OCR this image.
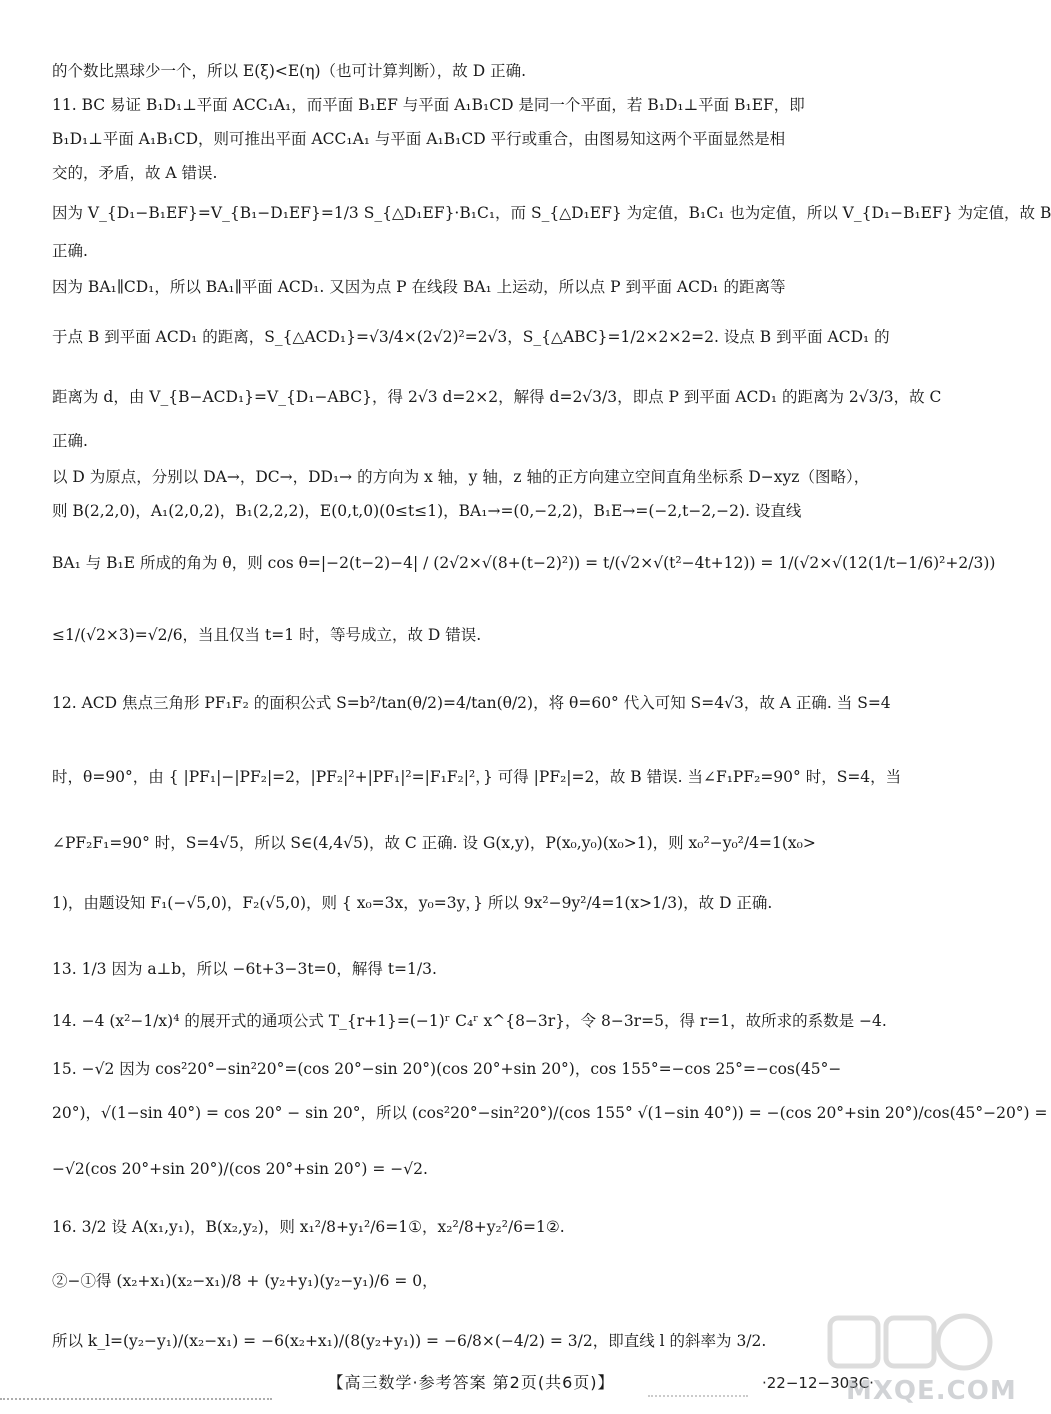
的个数比黑球少一个，所以 E(ξ)<E(η)（也可计算判断），故 D 正确.
11. BC 易证 B₁D₁⊥平面 ACC₁A₁，而平面 B₁EF 与平面 A₁B₁CD 是同一个平面，若 B₁D₁⊥平面 B₁EF，即
B₁D₁⊥平面 A₁B₁CD，则可推出平面 ACC₁A₁ 与平面 A₁B₁CD 平行或重合，由图易知这两个平面显然是相
交的，矛盾，故 A 错误.
因为 V_{D₁−B₁EF}=V_{B₁−D₁EF}=1/3 S_{△D₁EF}·B₁C₁，而 S_{△D₁EF} 为定值，B₁C₁ 也为定值，所以 V_{D₁−B₁EF} 为定值，故 B
正确.
因为 BA₁∥CD₁，所以 BA₁∥平面 ACD₁. 又因为点 P 在线段 BA₁ 上运动，所以点 P 到平面 ACD₁ 的距离等
于点 B 到平面 ACD₁ 的距离，S_{△ACD₁}=√3/4×(2√2)²=2√3，S_{△ABC}=1/2×2×2=2. 设点 B 到平面 ACD₁ 的
距离为 d，由 V_{B−ACD₁}=V_{D₁−ABC}，得 2√3 d=2×2，解得 d=2√3/3，即点 P 到平面 ACD₁ 的距离为 2√3/3，故 C
正确.
以 D 为原点，分别以 DA→，DC→，DD₁→ 的方向为 x 轴，y 轴，z 轴的正方向建立空间直角坐标系 D−xyz（图略），
则 B(2,2,0)，A₁(2,0,2)，B₁(2,2,2)，E(0,t,0)(0≤t≤1)，BA₁→=(0,−2,2)，B₁E→=(−2,t−2,−2). 设直线
BA₁ 与 B₁E 所成的角为 θ，则 cos θ=|−2(t−2)−4| / (2√2×√(8+(t−2)²)) = t/(√2×√(t²−4t+12)) = 1/(√2×√(12(1/t−1/6)²+2/3))
≤1/(√2×3)=√2/6，当且仅当 t=1 时，等号成立，故 D 错误.
12. ACD 焦点三角形 PF₁F₂ 的面积公式 S=b²/tan(θ/2)=4/tan(θ/2)，将 θ=60° 代入可知 S=4√3，故 A 正确. 当 S=4
时，θ=90°，由 { |PF₁|−|PF₂|=2，|PF₂|²+|PF₁|²=|F₁F₂|²，} 可得 |PF₂|=2，故 B 错误. 当∠F₁PF₂=90° 时，S=4，当
∠PF₂F₁=90° 时，S=4√5，所以 S∈(4,4√5)，故 C 正确. 设 G(x,y)，P(x₀,y₀)(x₀>1)，则 x₀²−y₀²/4=1(x₀>
1)，由题设知 F₁(−√5,0)，F₂(√5,0)，则 { x₀=3x，y₀=3y，} 所以 9x²−9y²/4=1(x>1/3)，故 D 正确.
13. 1/3 因为 a⊥b，所以 −6t+3−3t=0，解得 t=1/3.
14. −4 (x²−1/x)⁴ 的展开式的通项公式 T_{r+1}=(−1)ʳ C₄ʳ x^{8−3r}，令 8−3r=5，得 r=1，故所求的系数是 −4.
15. −√2 因为 cos²20°−sin²20°=(cos 20°−sin 20°)(cos 20°+sin 20°)，cos 155°=−cos 25°=−cos(45°−
20°)，√(1−sin 40°) = cos 20° − sin 20°，所以 (cos²20°−sin²20°)/(cos 155° √(1−sin 40°)) = −(cos 20°+sin 20°)/cos(45°−20°) =
−√2(cos 20°+sin 20°)/(cos 20°+sin 20°) = −√2.
16. 3/2 设 A(x₁,y₁)，B(x₂,y₂)，则 x₁²/8+y₁²/6=1①，x₂²/8+y₂²/6=1②.
②−①得 (x₂+x₁)(x₂−x₁)/8 + (y₂+y₁)(y₂−y₁)/6 = 0，
所以 k_l=(y₂−y₁)/(x₂−x₁) = −6(x₂+x₁)/(8(y₂+y₁)) = −6/8×(−4/2) = 3/2，即直线 l 的斜率为 3/2.
【高三数学·参考答案 第2页(共6页)】	·22−12−303C·
MXQE.COM
